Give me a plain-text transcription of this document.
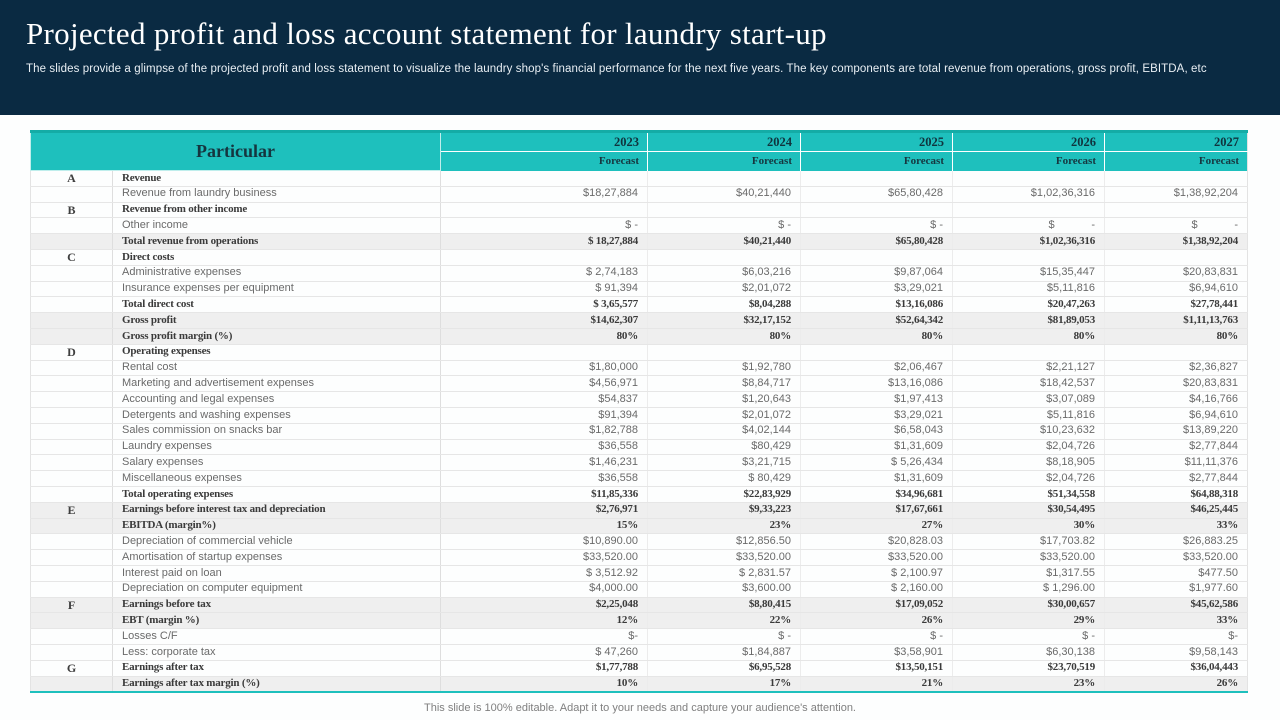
Projected profit and loss account statement for laundry start-up
The slides provide a glimpse of the projected profit and loss statement to visualize the laundry shop's financial performance for the next five years. The key components are total revenue from operations, gross profit, EBITDA, etc
Particular		2023	2024	2025	2026	2027
		Forecast	Forecast	Forecast	Forecast	Forecast
A	Revenue					
	Revenue from laundry business	$18,27,884	$40,21,440	$65,80,428	$1,02,36,316	$1,38,92,204
B	Revenue from other income					
	Other income	$ -	$ -	$ -	$            -	$            -
	Total revenue from operations	$ 18,27,884	$40,21,440	$65,80,428	$1,02,36,316	$1,38,92,204
C	Direct costs					
	Administrative expenses	$ 2,74,183	$6,03,216	$9,87,064	$15,35,447	$20,83,831
	Insurance expenses per equipment	$ 91,394	$2,01,072	$3,29,021	$5,11,816	$6,94,610
	Total direct cost	$ 3,65,577	$8,04,288	$13,16,086	$20,47,263	$27,78,441
	Gross profit	$14,62,307	$32,17,152	$52,64,342	$81,89,053	$1,11,13,763
	Gross profit margin (%)	80%	80%	80%	80%	80%
D	Operating expenses					
	Rental cost	$1,80,000	$1,92,780	$2,06,467	$2,21,127	$2,36,827
	Marketing and advertisement expenses	$4,56,971	$8,84,717	$13,16,086	$18,42,537	$20,83,831
	Accounting and legal expenses	$54,837	$1,20,643	$1,97,413	$3,07,089	$4,16,766
	Detergents and washing expenses	$91,394	$2,01,072	$3,29,021	$5,11,816	$6,94,610
	Sales commission on snacks bar	$1,82,788	$4,02,144	$6,58,043	$10,23,632	$13,89,220
	Laundry expenses	$36,558	$80,429	$1,31,609	$2,04,726	$2,77,844
	Salary expenses	$1,46,231	$3,21,715	$ 5,26,434	$8,18,905	$11,11,376
	Miscellaneous expenses	$36,558	$ 80,429	$1,31,609	$2,04,726	$2,77,844
	Total operating expenses	$11,85,336	$22,83,929	$34,96,681	$51,34,558	$64,88,318
E	Earnings before interest tax and depreciation	$2,76,971	$9,33,223	$17,67,661	$30,54,495	$46,25,445
	EBITDA (margin%)	15%	23%	27%	30%	33%
	Depreciation of commercial vehicle	$10,890.00	$12,856.50	$20,828.03	$17,703.82	$26,883.25
	Amortisation of startup expenses	$33,520.00	$33,520.00	$33,520.00	$33,520.00	$33,520.00
	Interest paid on loan	$ 3,512.92	$ 2,831.57	$ 2,100.97	$1,317.55	$477.50
	Depreciation on computer equipment	$4,000.00	$3,600.00	$ 2,160.00	$ 1,296.00	$1,977.60
F	Earnings before tax	$2,25,048	$8,80,415	$17,09,052	$30,00,657	$45,62,586
	EBT (margin %)	12%	22%	26%	29%	33%
	Losses C/F	$-	$ -	$ -	$ -	$-
	Less: corporate tax	$ 47,260	$1,84,887	$3,58,901	$6,30,138	$9,58,143
G	Earnings after tax	$1,77,788	$6,95,528	$13,50,151	$23,70,519	$36,04,443
	Earnings after tax margin (%)	10%	17%	21%	23%	26%
This slide is 100% editable. Adapt it to your needs and capture your audience's attention.
